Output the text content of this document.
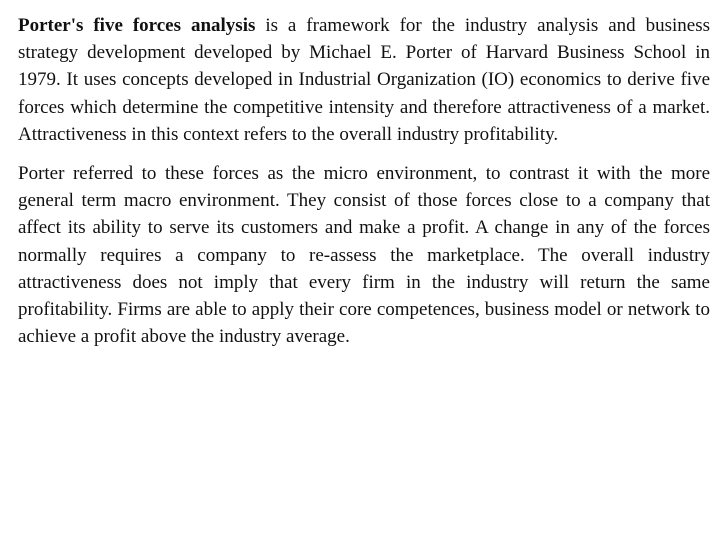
Porter's five forces analysis is a framework for the industry analysis and business strategy development developed by Michael E. Porter of Harvard Business School in 1979. It uses concepts developed in Industrial Organization (IO) economics to derive five forces which determine the competitive intensity and therefore attractiveness of a market. Attractiveness in this context refers to the overall industry profitability.

Porter referred to these forces as the micro environment, to contrast it with the more general term macro environment. They consist of those forces close to a company that affect its ability to serve its customers and make a profit. A change in any of the forces normally requires a company to re-assess the marketplace. The overall industry attractiveness does not imply that every firm in the industry will return the same profitability. Firms are able to apply their core competences, business model or network to achieve a profit above the industry average.
